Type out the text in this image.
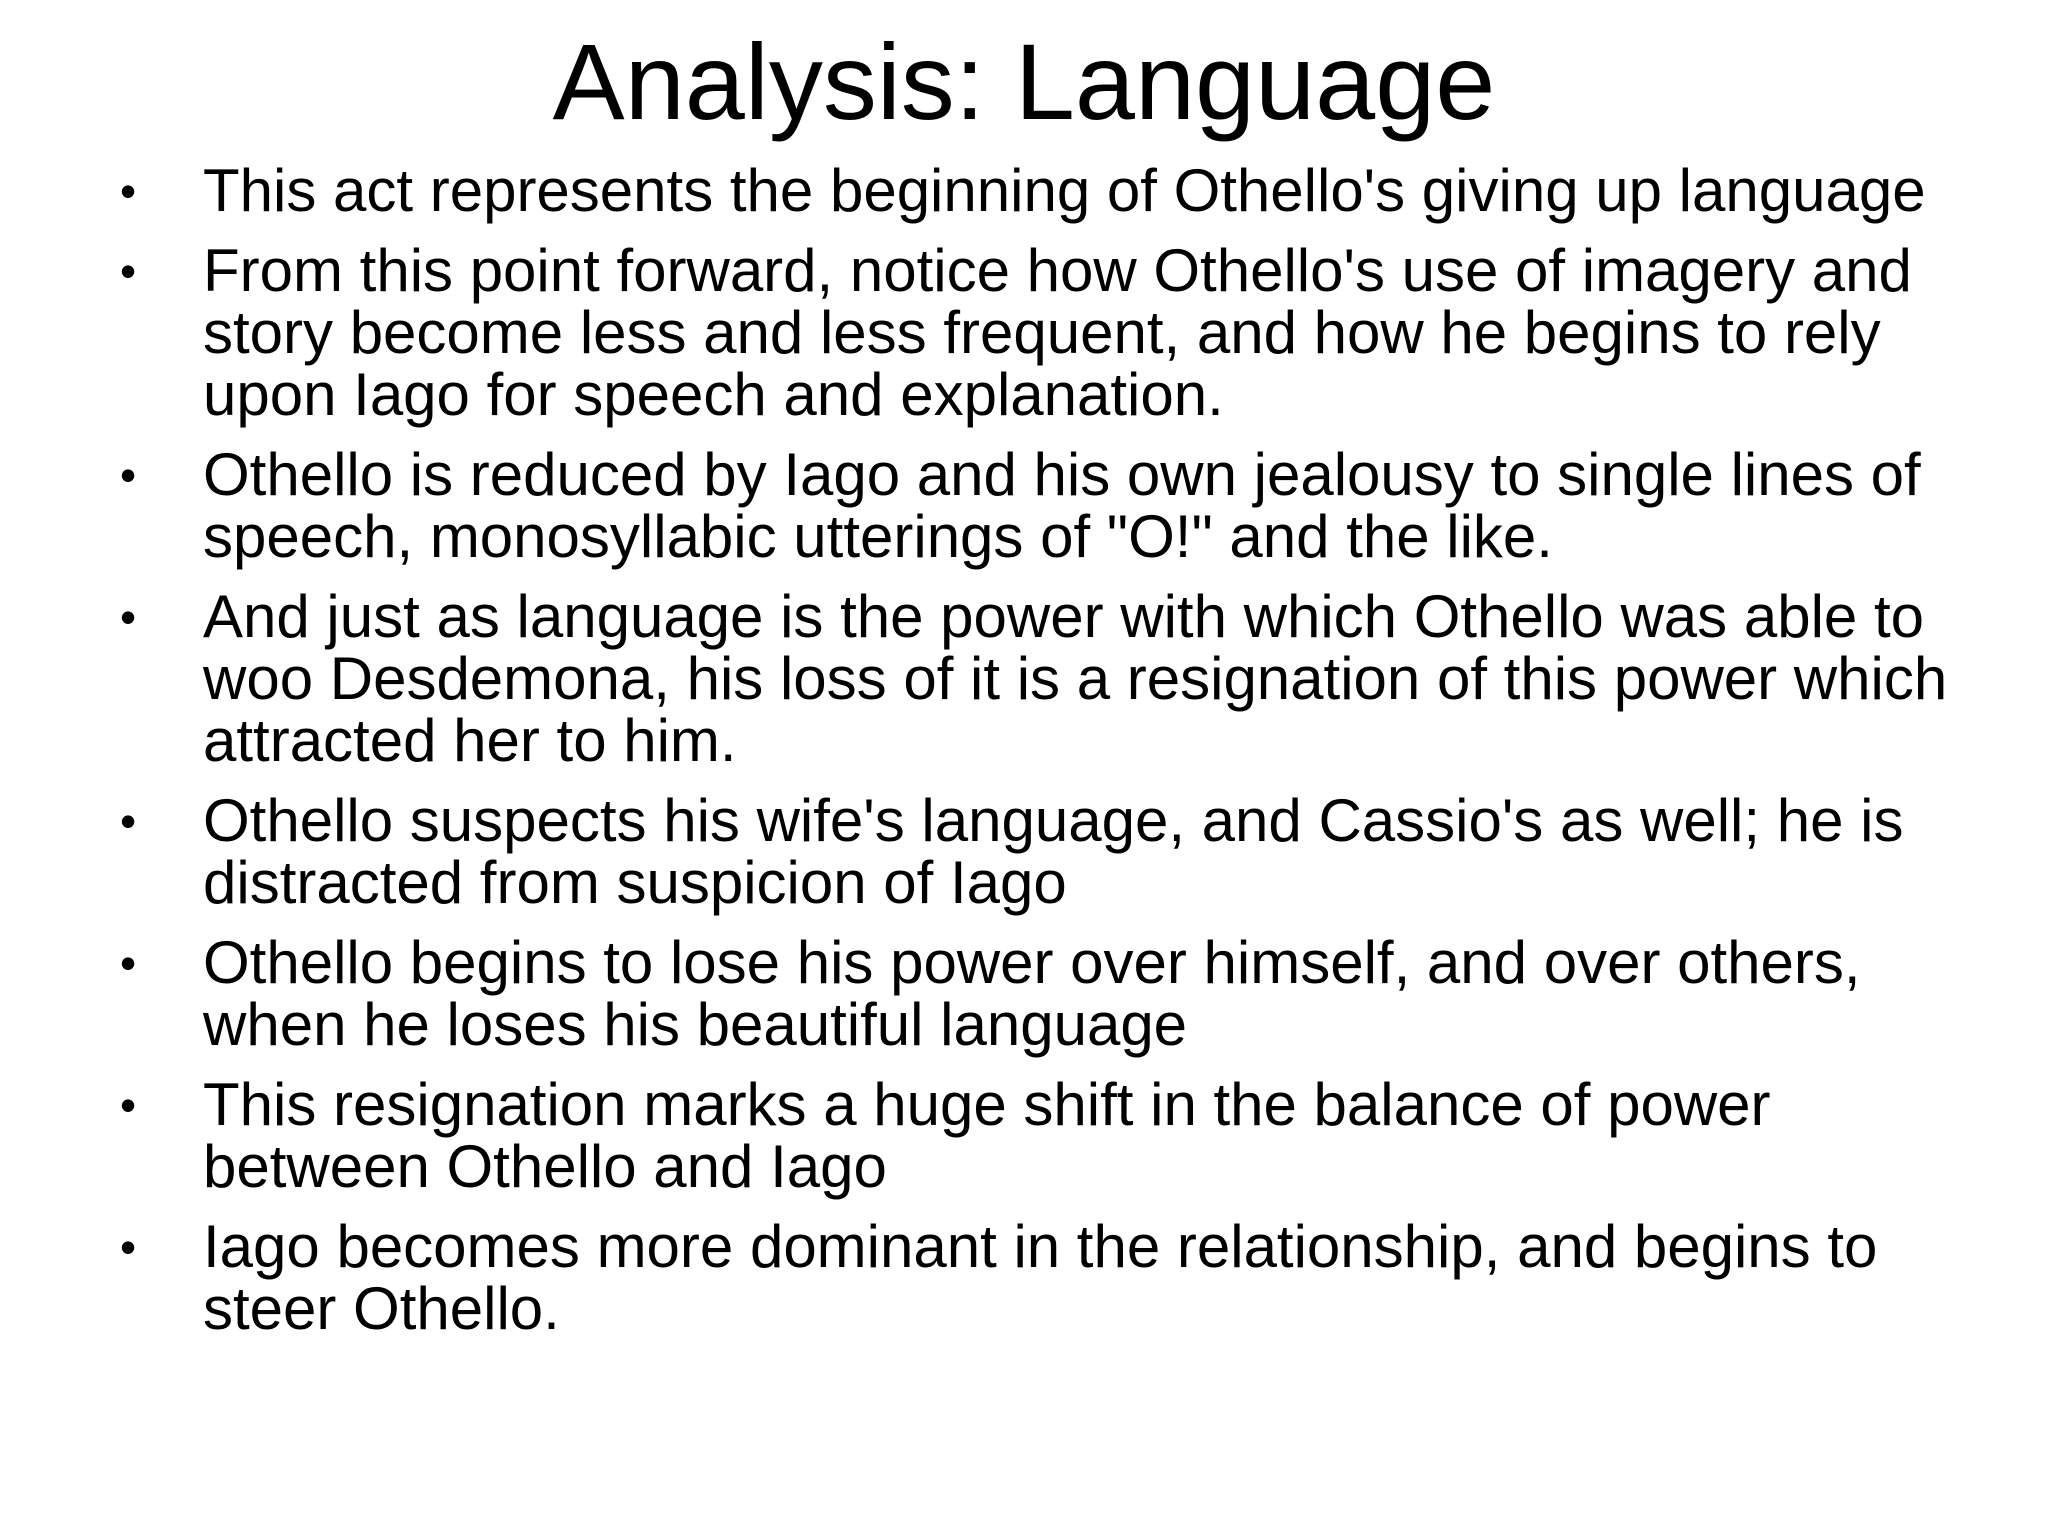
Analysis: Language
• This act represents the beginning of Othello's giving up language
• From this point forward, notice how Othello's use of imagery and story become less and less frequent, and how he begins to rely upon Iago for speech and explanation.
• Othello is reduced by Iago and his own jealousy to single lines of speech, monosyllabic utterings of "O!" and the like.
• And just as language is the power with which Othello was able to woo Desdemona, his loss of it is a resignation of this power which attracted her to him.
• Othello suspects his wife's language, and Cassio's as well; he is distracted from suspicion of Iago
• Othello begins to lose his power over himself, and over others, when he loses his beautiful language
• This resignation marks a huge shift in the balance of power between Othello and Iago
• Iago becomes more dominant in the relationship, and begins to steer Othello.
